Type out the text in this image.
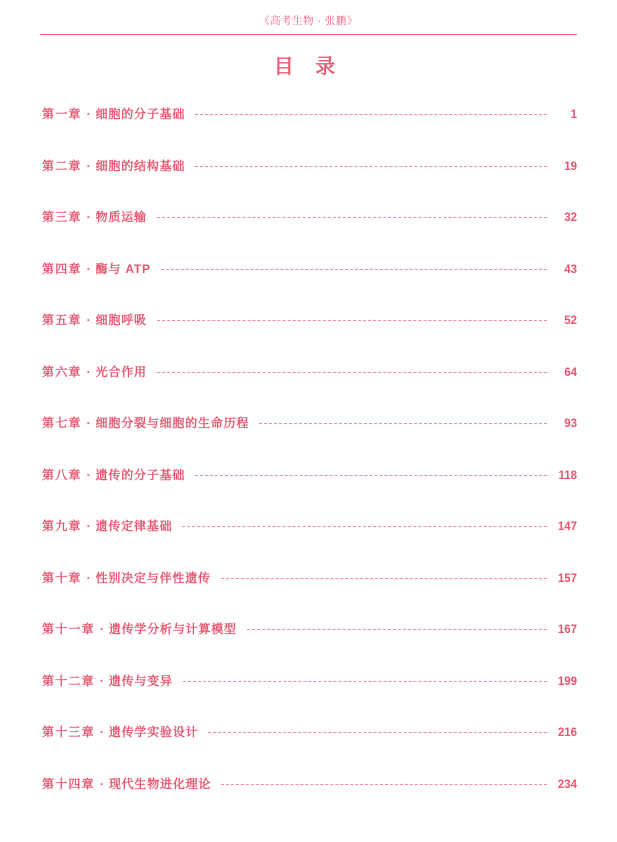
《高考生物 · 张鹏》
目 录
第一章 · 细胞的分子基础	1
第二章 · 细胞的结构基础	19
第三章 · 物质运输	32
第四章 · 酶与 ATP	43
第五章 · 细胞呼吸	52
第六章 · 光合作用	64
第七章 · 细胞分裂与细胞的生命历程	93
第八章 · 遗传的分子基础	118
第九章 · 遗传定律基础	147
第十章 · 性别决定与伴性遗传	157
第十一章 · 遗传学分析与计算模型	167
第十二章 · 遗传与变异	199
第十三章 · 遗传学实验设计	216
第十四章 · 现代生物进化理论	234
